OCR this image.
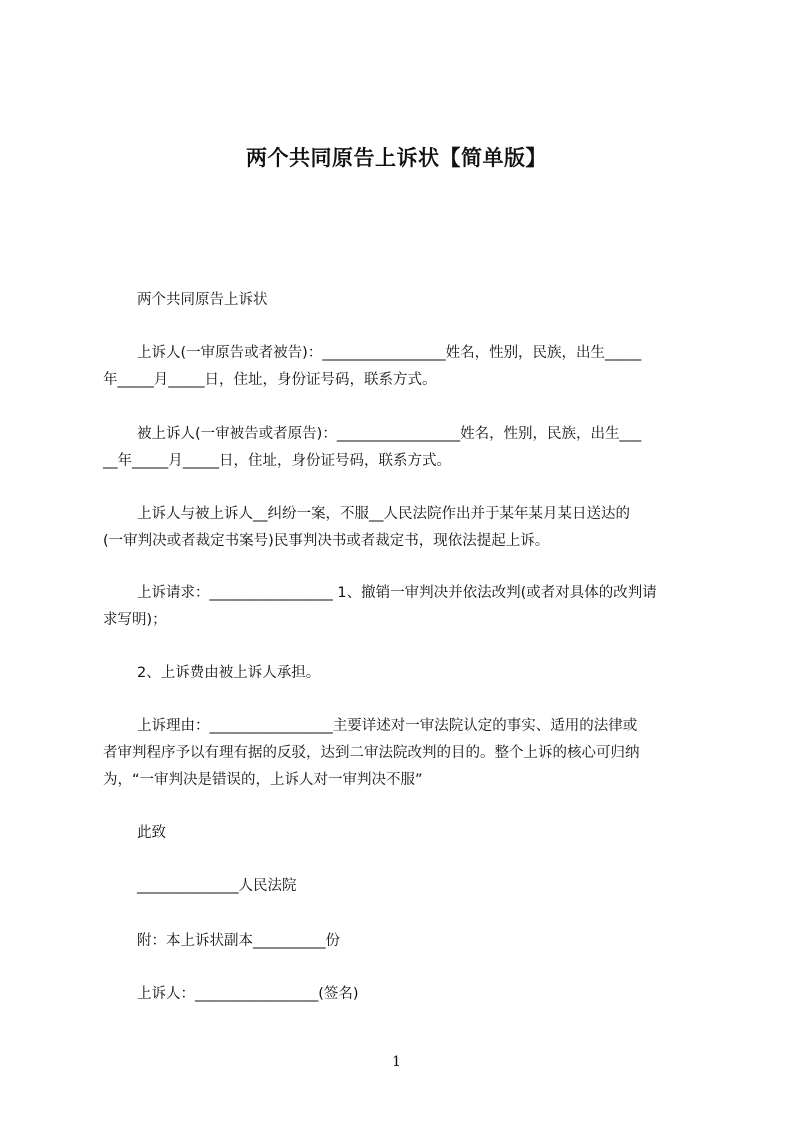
两个共同原告上诉状【简单版】
两个共同原告上诉状
上诉人(一审原告或者被告)：_________________姓名，性别，民族，出生_____
年_____月_____日，住址，身份证号码，联系方式。
被上诉人(一审被告或者原告)：_________________姓名，性别，民族，出生___
__年_____月_____日，住址，身份证号码，联系方式。
上诉人与被上诉人__纠纷一案，不服__人民法院作出并于某年某月某日送达的
(一审判决或者裁定书案号)民事判决书或者裁定书，现依法提起上诉。
上诉请求：_________________ 1、撤销一审判决并依法改判(或者对具体的改判请
求写明)；
2、上诉费由被上诉人承担。
上诉理由：_________________主要详述对一审法院认定的事实、适用的法律或
者审判程序予以有理有据的反驳，达到二审法院改判的目的。整个上诉的核心可归纳
为，“一审判决是错误的，上诉人对一审判决不服”
此致
______________人民法院
附：本上诉状副本__________份
上诉人：_________________(签名)
1
